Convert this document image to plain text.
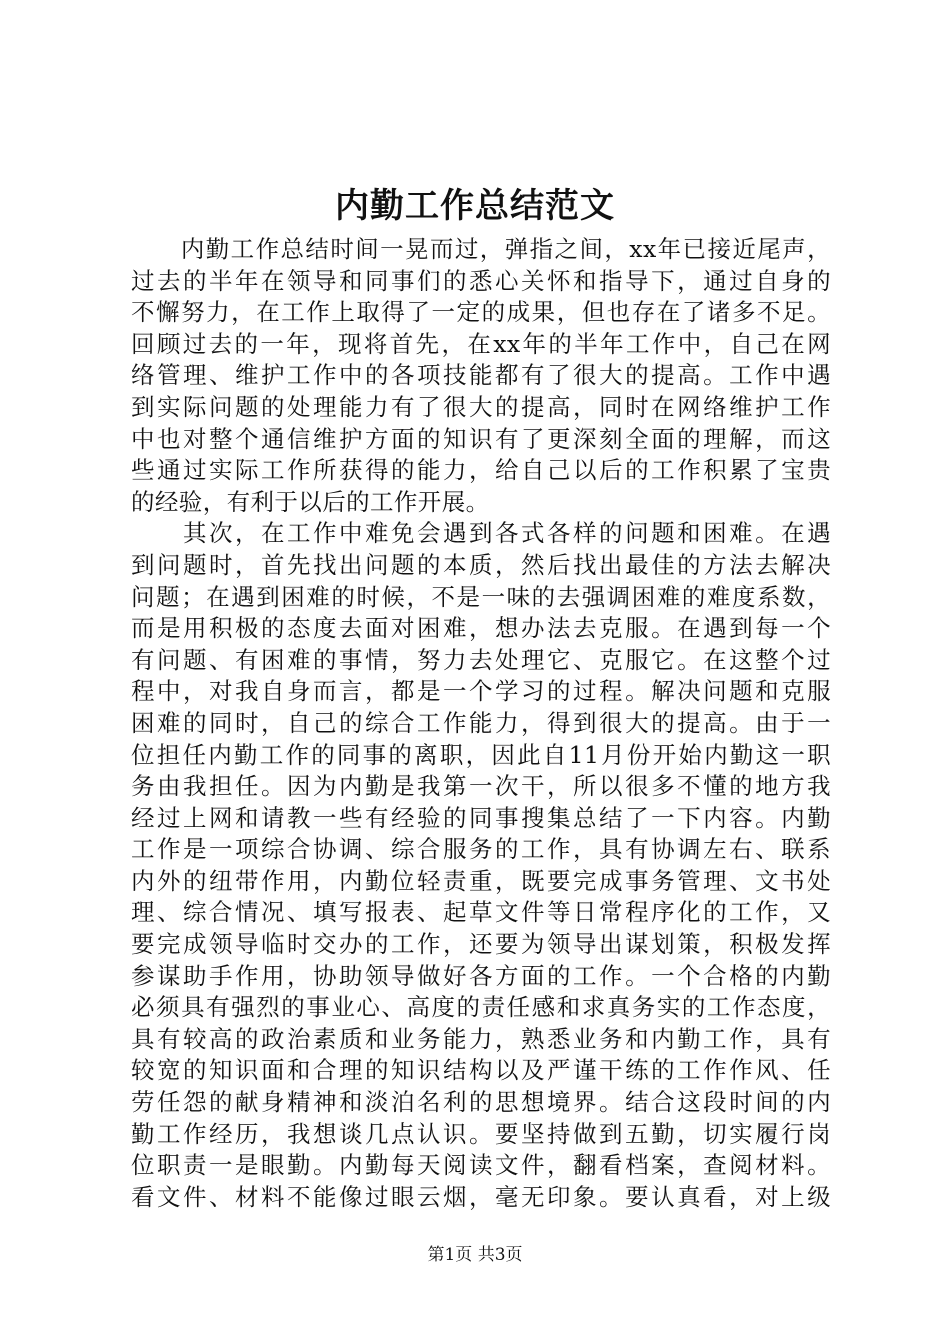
内勤工作总结范文
　　内勤工作总结时间一晃而过，弹指之间，xx年已接近尾声，
过去的半年在领导和同事们的悉心关怀和指导下，通过自身的
不懈努力，在工作上取得了一定的成果，但也存在了诸多不足。
回顾过去的一年，现将首先，在xx年的半年工作中，自己在网
络管理、维护工作中的各项技能都有了很大的提高。工作中遇
到实际问题的处理能力有了很大的提高，同时在网络维护工作
中也对整个通信维护方面的知识有了更深刻全面的理解，而这
些通过实际工作所获得的能力，给自己以后的工作积累了宝贵
的经验，有利于以后的工作开展。
　　其次，在工作中难免会遇到各式各样的问题和困难。在遇
到问题时，首先找出问题的本质，然后找出最佳的方法去解决
问题；在遇到困难的时候，不是一味的去强调困难的难度系数，
而是用积极的态度去面对困难，想办法去克服。在遇到每一个
有问题、有困难的事情，努力去处理它、克服它。在这整个过
程中，对我自身而言，都是一个学习的过程。解决问题和克服
困难的同时，自己的综合工作能力，得到很大的提高。由于一
位担任内勤工作的同事的离职，因此自11月份开始内勤这一职
务由我担任。因为内勤是我第一次干，所以很多不懂的地方我
经过上网和请教一些有经验的同事搜集总结了一下内容。内勤
工作是一项综合协调、综合服务的工作，具有协调左右、联系
内外的纽带作用，内勤位轻责重，既要完成事务管理、文书处
理、综合情况、填写报表、起草文件等日常程序化的工作，又
要完成领导临时交办的工作，还要为领导出谋划策，积极发挥
参谋助手作用，协助领导做好各方面的工作。一个合格的内勤
必须具有强烈的事业心、高度的责任感和求真务实的工作态度，
具有较高的政治素质和业务能力，熟悉业务和内勤工作，具有
较宽的知识面和合理的知识结构以及严谨干练的工作作风、任
劳任怨的献身精神和淡泊名利的思想境界。结合这段时间的内
勤工作经历，我想谈几点认识。要坚持做到五勤，切实履行岗
位职责一是眼勤。内勤每天阅读文件，翻看档案，查阅材料。
看文件、材料不能像过眼云烟，毫无印象。要认真看，对上级
第1页 共3页
